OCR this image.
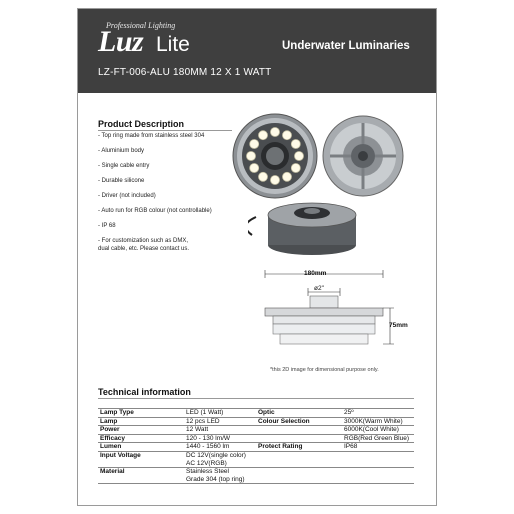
Professional Lighting
Luz Lite	Underwater Luminaries
LZ-FT-006-ALU 180MM 12 X 1 WATT
Product Description
- Top ring made from stainless steel 304
- Aluminium body
- Single cable entry
- Durable silicone
- Driver (not included)
- Auto run for RGB colour (not controllable)
- IP 68
- For customization such as DMX,
dual cable, etc. Please contact us.
180mm
ø2"
75mm
*this 2D image for dimensional purpose only.
Technical information
Lamp Type	LED (1 Watt)	Optic	25º
Lamp	12 pcs LED	Colour Selection	3000K(Warm White)
Power	12 Watt		6000K(Cool White)
Efficacy	120 - 130 lm/W		RGB(Red Green Blue)
Lumen	1440 - 1560 lm	Protect Rating	IP68
Input Voltage	DC 12V(single color)
AC 12V(RGB)		

Material	Stainless Steel
Grade 304 (top ring)		
